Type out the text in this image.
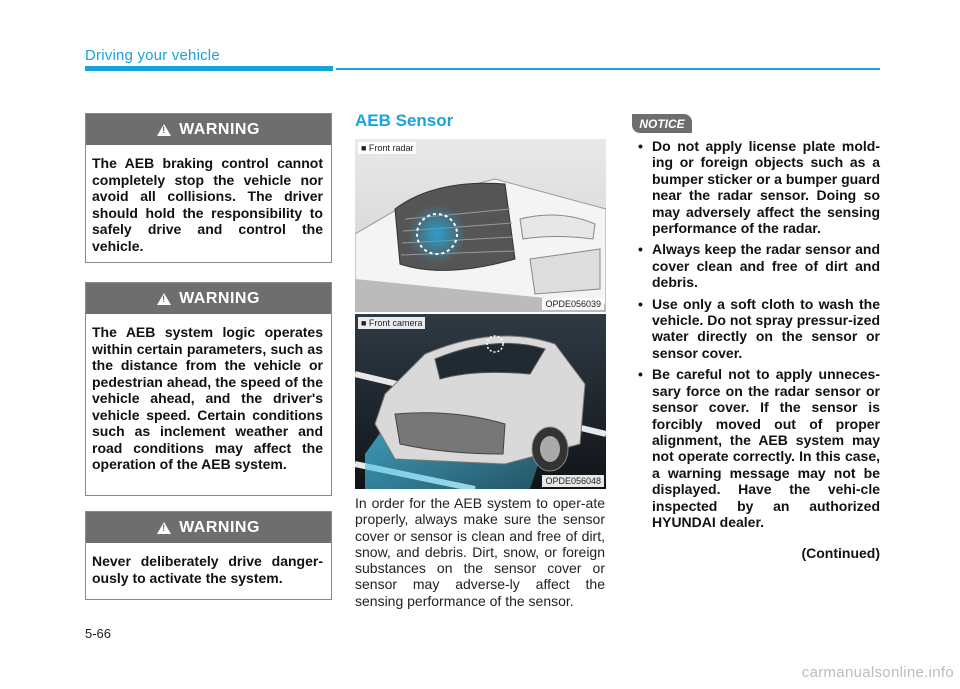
Driving your vehicle
!
WARNING
The AEB braking control cannot completely stop the vehicle nor avoid all collisions. The driver should hold the responsibility to safely drive and control the vehicle.
!
WARNING
The AEB system logic operates within certain parameters, such as the distance from the vehicle or pedestrian ahead, the speed of the vehicle ahead, and the driver's vehicle speed. Certain conditions such as inclement weather and road conditions may affect the operation of the AEB system.
!
WARNING
Never deliberately drive danger-ously to activate the system.
AEB Sensor
■ Front radar
OPDE056039
■ Front camera
OPDE056048
In order for the AEB system to oper-ate properly, always make sure the sensor cover or sensor is clean and free of dirt, snow, and debris. Dirt, snow, or foreign substances on the sensor cover or sensor may adverse-ly affect the sensing performance of the sensor.
NOTICE
• Do not apply license plate mold-ing or foreign objects such as a bumper sticker or a bumper guard near the radar sensor. Doing so may adversely affect the sensing performance of the radar.
• Always keep the radar sensor and cover clean and free of dirt and debris.
• Use only a soft cloth to wash the vehicle. Do not spray pressur-ized water directly on the sensor or sensor cover.
• Be careful not to apply unneces-sary force on the radar sensor or sensor cover. If the sensor is forcibly moved out of proper alignment, the AEB system may not operate correctly. In this case, a warning message may not be displayed. Have the vehi-cle inspected by an authorized HYUNDAI dealer.
(Continued)
5-66
carmanualsonline.info
